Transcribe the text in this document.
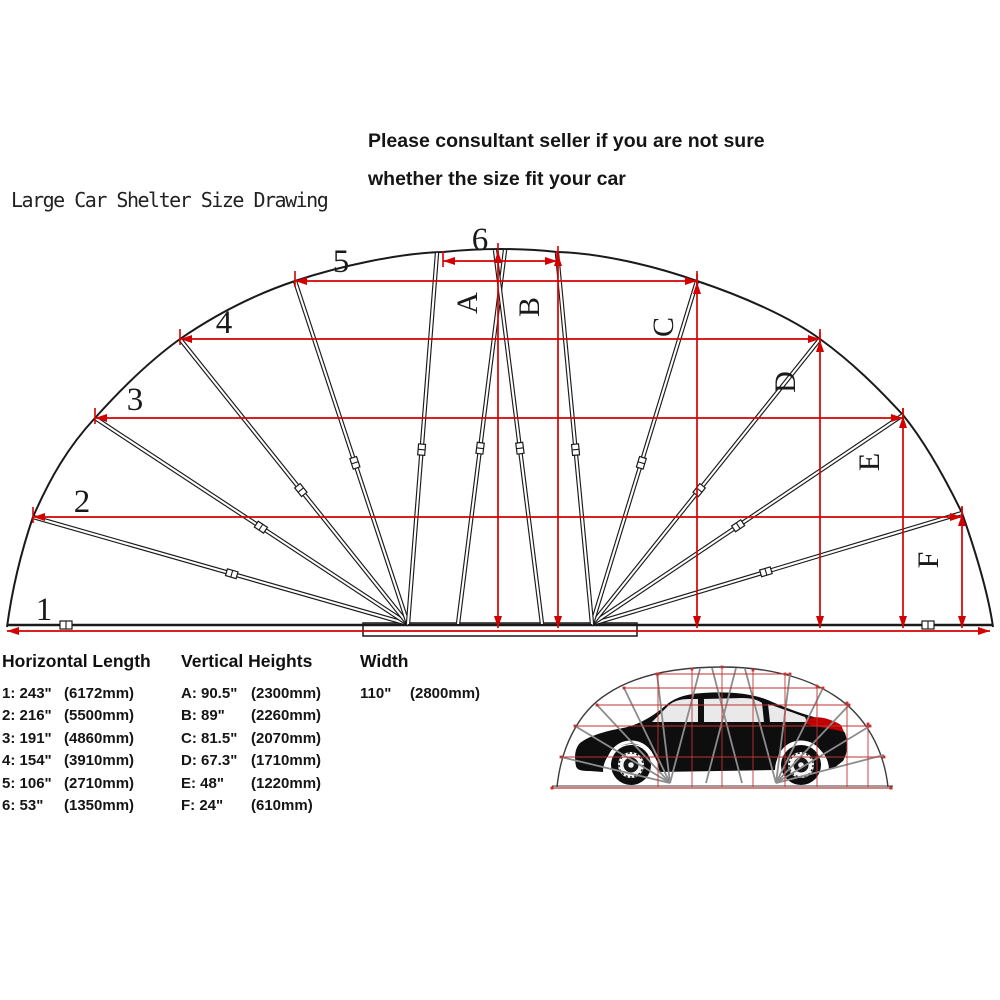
Large Car Shelter Size Drawing
Please consultant seller if you are not sure
whether the size fit your car
1
2
3
4
5
6
A B
C
D
E
F
Horizontal Length
1: 243" (6172mm)
2: 216" (5500mm)
3: 191" (4860mm)
4: 154" (3910mm)
5: 106" (2710mm)
6: 53"	(1350mm)
Vertical Heights
A: 90.5" (2300mm)
B: 89"	(2260mm)
C: 81.5" (2070mm)
D: 67.3" (1710mm)
E: 48"	(1220mm)
F: 24"	(610mm)
Width
110"	(2800mm)
